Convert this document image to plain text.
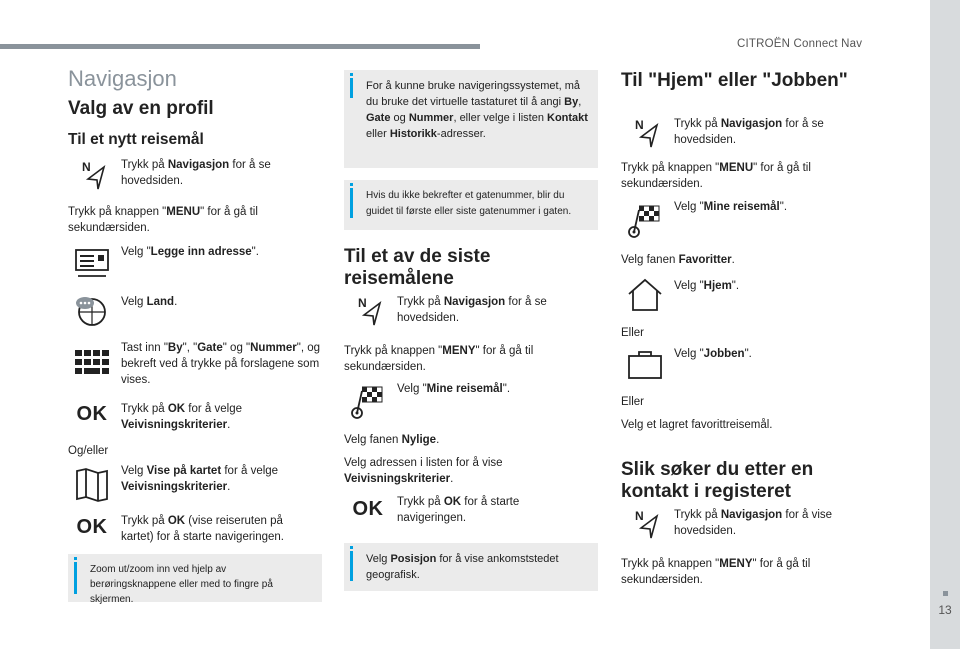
CITROËN Connect Nav
13
Navigasjon
Valg av en profil
Til et nytt reisemål
N	Trykk på Navigasjon for å se hovedsiden.

Trykk på knappen "MENU" for å gå til sekundærsiden.

Velg "Legge inn adresse".

Velg Land.

Tast inn "By", "Gate" og "Nummer", og bekreft ved å trykke på forslagene som vises.

OK	Trykk på OK for å velge Veivisningskriterier.

Og/eller

Velg Vise på kartet for å velge Veivisningskriterier.

OK	Trykk på OK (vise reiseruten på kartet) for å starte navigeringen.

Zoom ut/zoom inn ved hjelp av berøringsknappene eller med to fingre på skjermen.
For å kunne bruke navigeringssystemet, må du bruke det virtuelle tastaturet til å angi By, Gate og Nummer, eller velge i listen Kontakt eller Historikk-adresser.
Hvis du ikke bekrefter et gatenummer, blir du guidet til første eller siste gatenummer i gaten.
Til et av de siste reisemålene
N	Trykk på Navigasjon for å se hovedsiden.

Trykk på knappen "MENY" for å gå til sekundærsiden.

Velg "Mine reisemål".

Velg fanen Nylige.

Velg adressen i listen for å vise Veivisningskriterier.

OK	Trykk på OK for å starte navigeringen.

Velg Posisjon for å vise ankomststedet geografisk.
Til "Hjem" eller "Jobben"
N	Trykk på Navigasjon for å se hovedsiden.

Trykk på knappen "MENU" for å gå til sekundærsiden.

Velg "Mine reisemål".

Velg fanen Favoritter.

Velg "Hjem".

Eller

Velg "Jobben".

Eller

Velg et lagret favorittreisemål.

Slik søker du etter en kontakt i registeret
N	Trykk på Navigasjon for å vise hovedsiden.

Trykk på knappen "MENY" for å gå til sekundærsiden.
